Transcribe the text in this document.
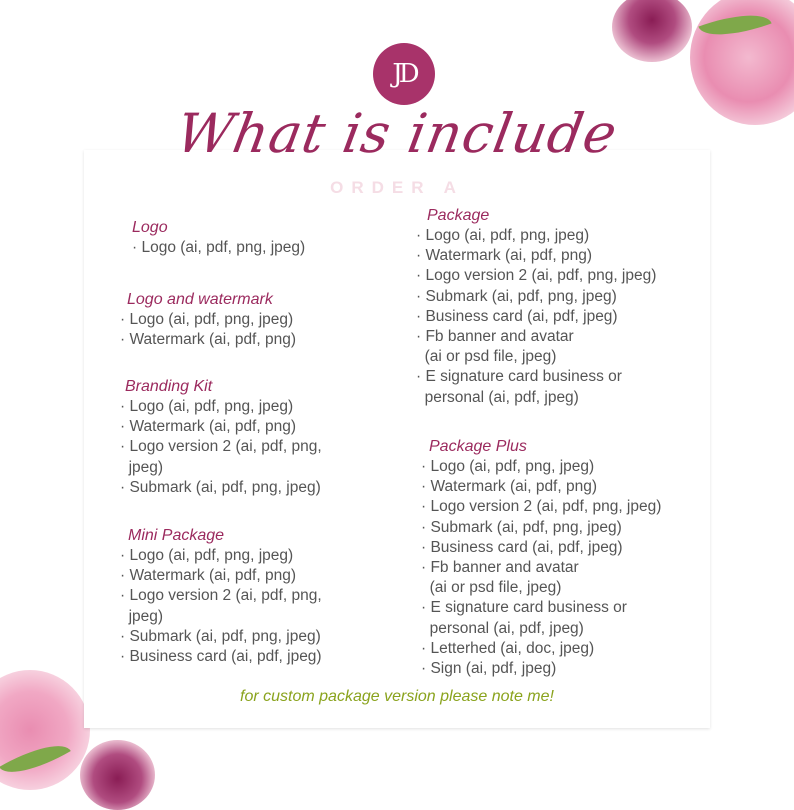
JD
What is include
ORDER A
Logo
· Logo (ai, pdf, png, jpeg)
Logo and watermark
· Logo (ai, pdf, png, jpeg)
· Watermark (ai, pdf, png)
Branding Kit
· Logo (ai, pdf, png, jpeg)
· Watermark (ai, pdf, png)
· Logo version 2 (ai, pdf, png,
jpeg)
· Submark (ai, pdf, png, jpeg)
Mini Package
· Logo (ai, pdf, png, jpeg)
· Watermark (ai, pdf, png)
· Logo version 2 (ai, pdf, png,
jpeg)
· Submark (ai, pdf, png, jpeg)
· Business card (ai, pdf, jpeg)
Package
· Logo (ai, pdf, png, jpeg)
· Watermark (ai, pdf, png)
· Logo version 2 (ai, pdf, png, jpeg)
· Submark (ai, pdf, png, jpeg)
· Business card (ai, pdf, jpeg)
· Fb banner and avatar
(ai or psd file, jpeg)
· E signature card business or
personal (ai, pdf, jpeg)
Package Plus
· Logo (ai, pdf, png, jpeg)
· Watermark (ai, pdf, png)
· Logo version 2 (ai, pdf, png, jpeg)
· Submark (ai, pdf, png, jpeg)
· Business card (ai, pdf, jpeg)
· Fb banner and avatar
(ai or psd file, jpeg)
· E signature card business or
personal (ai, pdf, jpeg)
· Letterhed (ai, doc, jpeg)
· Sign (ai, pdf, jpeg)
for custom package version please note me!
